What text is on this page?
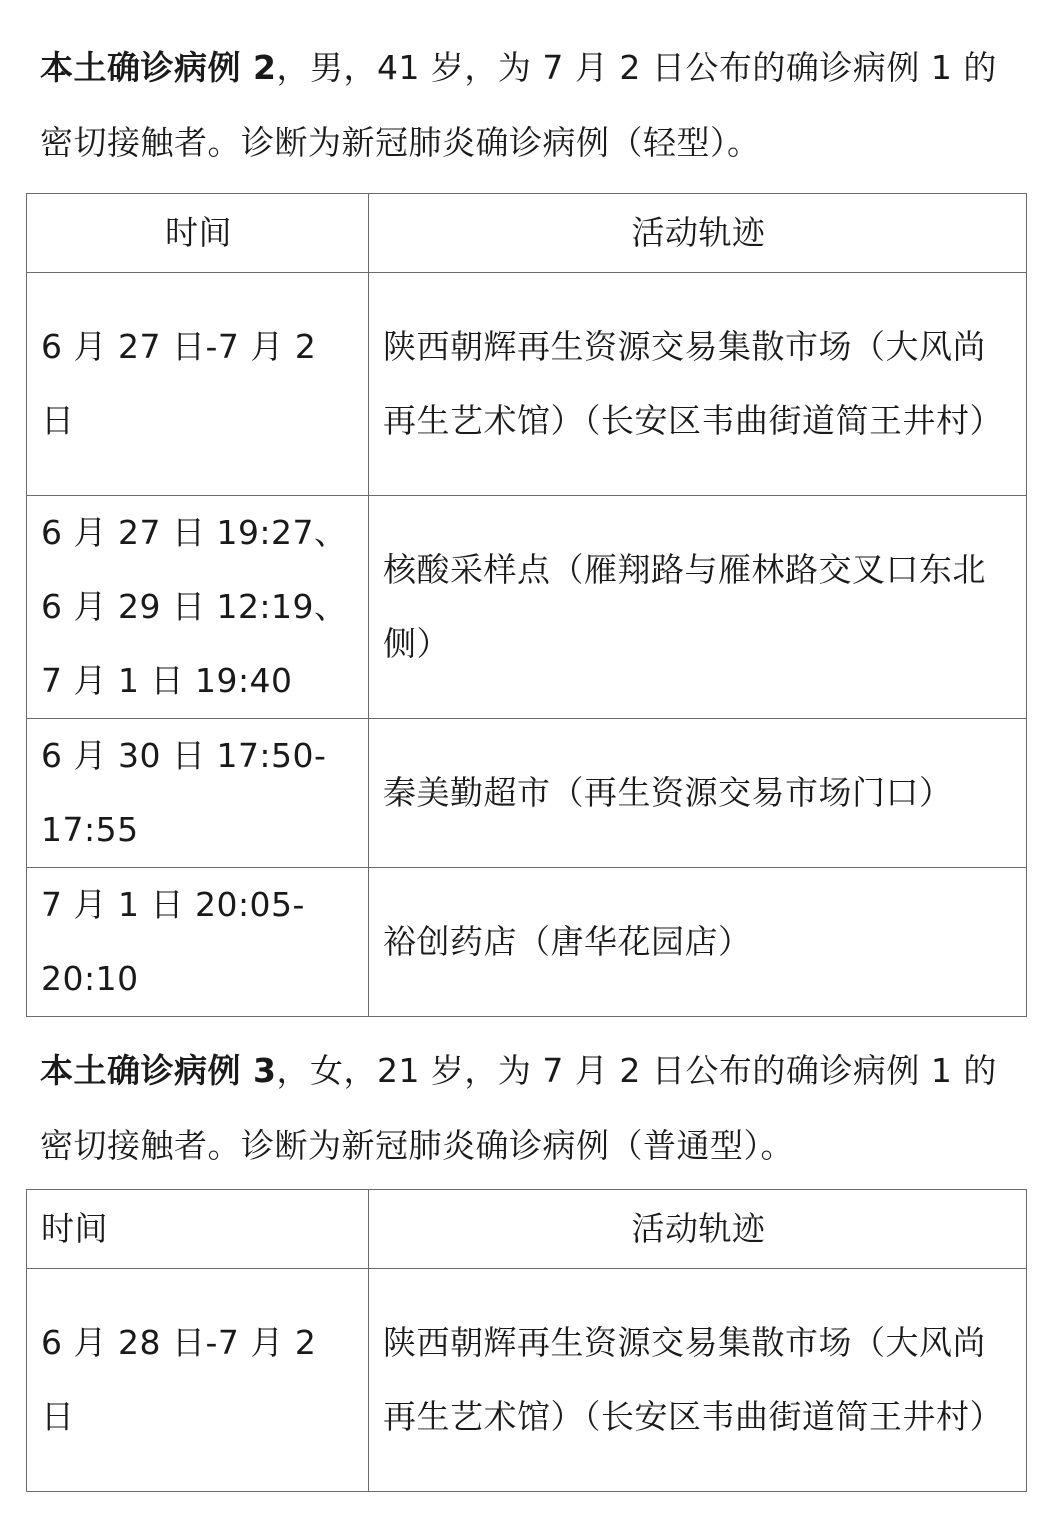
本土确诊病例 2，男，41 岁，为 7 月 2 日公布的确诊病例 1 的密切接触者。诊断为新冠肺炎确诊病例（轻型）。

时间	活动轨迹
6 月 27 日-7 月 2 日	陕西朝辉再生资源交易集散市场（大风尚再生艺术馆）（长安区韦曲街道简王井村）
6 月 27 日 19:27、6 月 29 日 12:19、7 月 1 日 19:40	核酸采样点（雁翔路与雁林路交叉口东北侧）
6 月 30 日 17:50-17:55	秦美勤超市（再生资源交易市场门口）
7 月 1 日 20:05-20:10	裕创药店（唐华花园店）

本土确诊病例 3，女，21 岁，为 7 月 2 日公布的确诊病例 1 的密切接触者。诊断为新冠肺炎确诊病例（普通型）。

时间	活动轨迹
6 月 28 日-7 月 2 日	陕西朝辉再生资源交易集散市场（大风尚再生艺术馆）（长安区韦曲街道简王井村）
